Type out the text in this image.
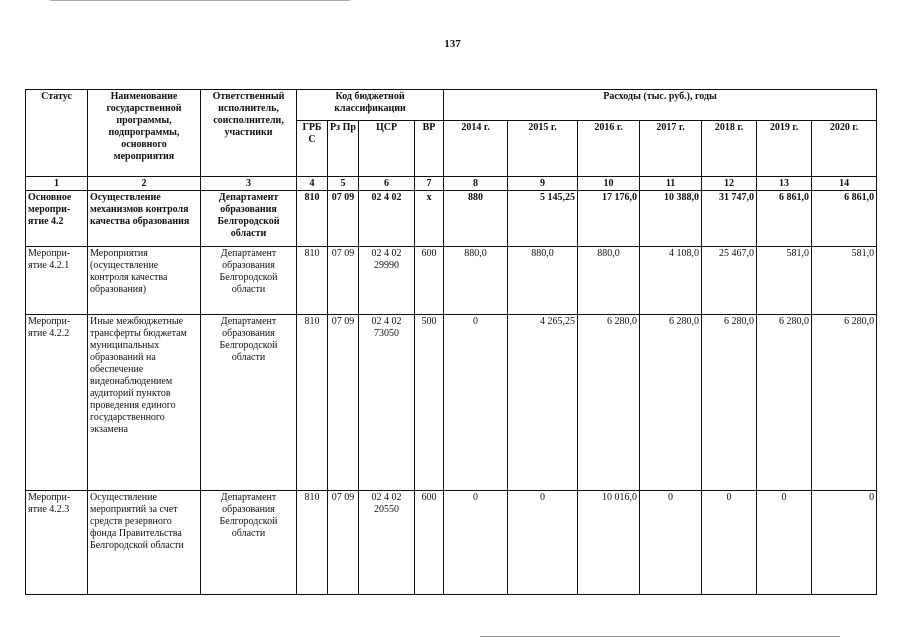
137
Статус	Наименование государственной программы, подпрограммы, основного мероприятия	Ответственный исполнитель, соисполнители, участники	Код бюджетной классификации				Расходы (тыс. руб.), годы						
			ГРБ С	Рз Пр	ЦСР	ВР	2014 г.	2015 г.	2016 г.	2017 г.	2018 г.	2019 г.	2020 г.
1	2	3	4	5	6	7	8	9	10	11	12	13	14
Основное меропри-ятие 4.2	Осуществление механизмов контроля качества образования	Департамент образования Белгородской области	810	07 09	02 4 02	х	880	5 145,25	17 176,0	10 388,0	31 747,0	6 861,0	6 861,0
Меропри-ятие 4.2.1	Мероприятия (осуществление контроля качества образования)	Департамент образования Белгородской области	810	07 09	02 4 02 29990	600	880,0	880,0	880,0	4 108,0	25 467,0	581,0	581,0
Меропри-ятие 4.2.2	Иные межбюджетные трансферты бюджетам муниципальных образований на обеспечение видеонаблюдением аудиторий пунктов проведения единого государственного экзамена	Департамент образования Белгородской области	810	07 09	02 4 02 73050	500	0	4 265,25	6 280,0	6 280,0	6 280,0	6 280,0	6 280,0
Меропри-ятие 4.2.3	Осуществление мероприятий за счет средств резервного фонда Правительства Белгородской области	Департамент образования Белгородской области	810	07 09	02 4 02 20550	600	0	0	10 016,0	0	0	0	0
